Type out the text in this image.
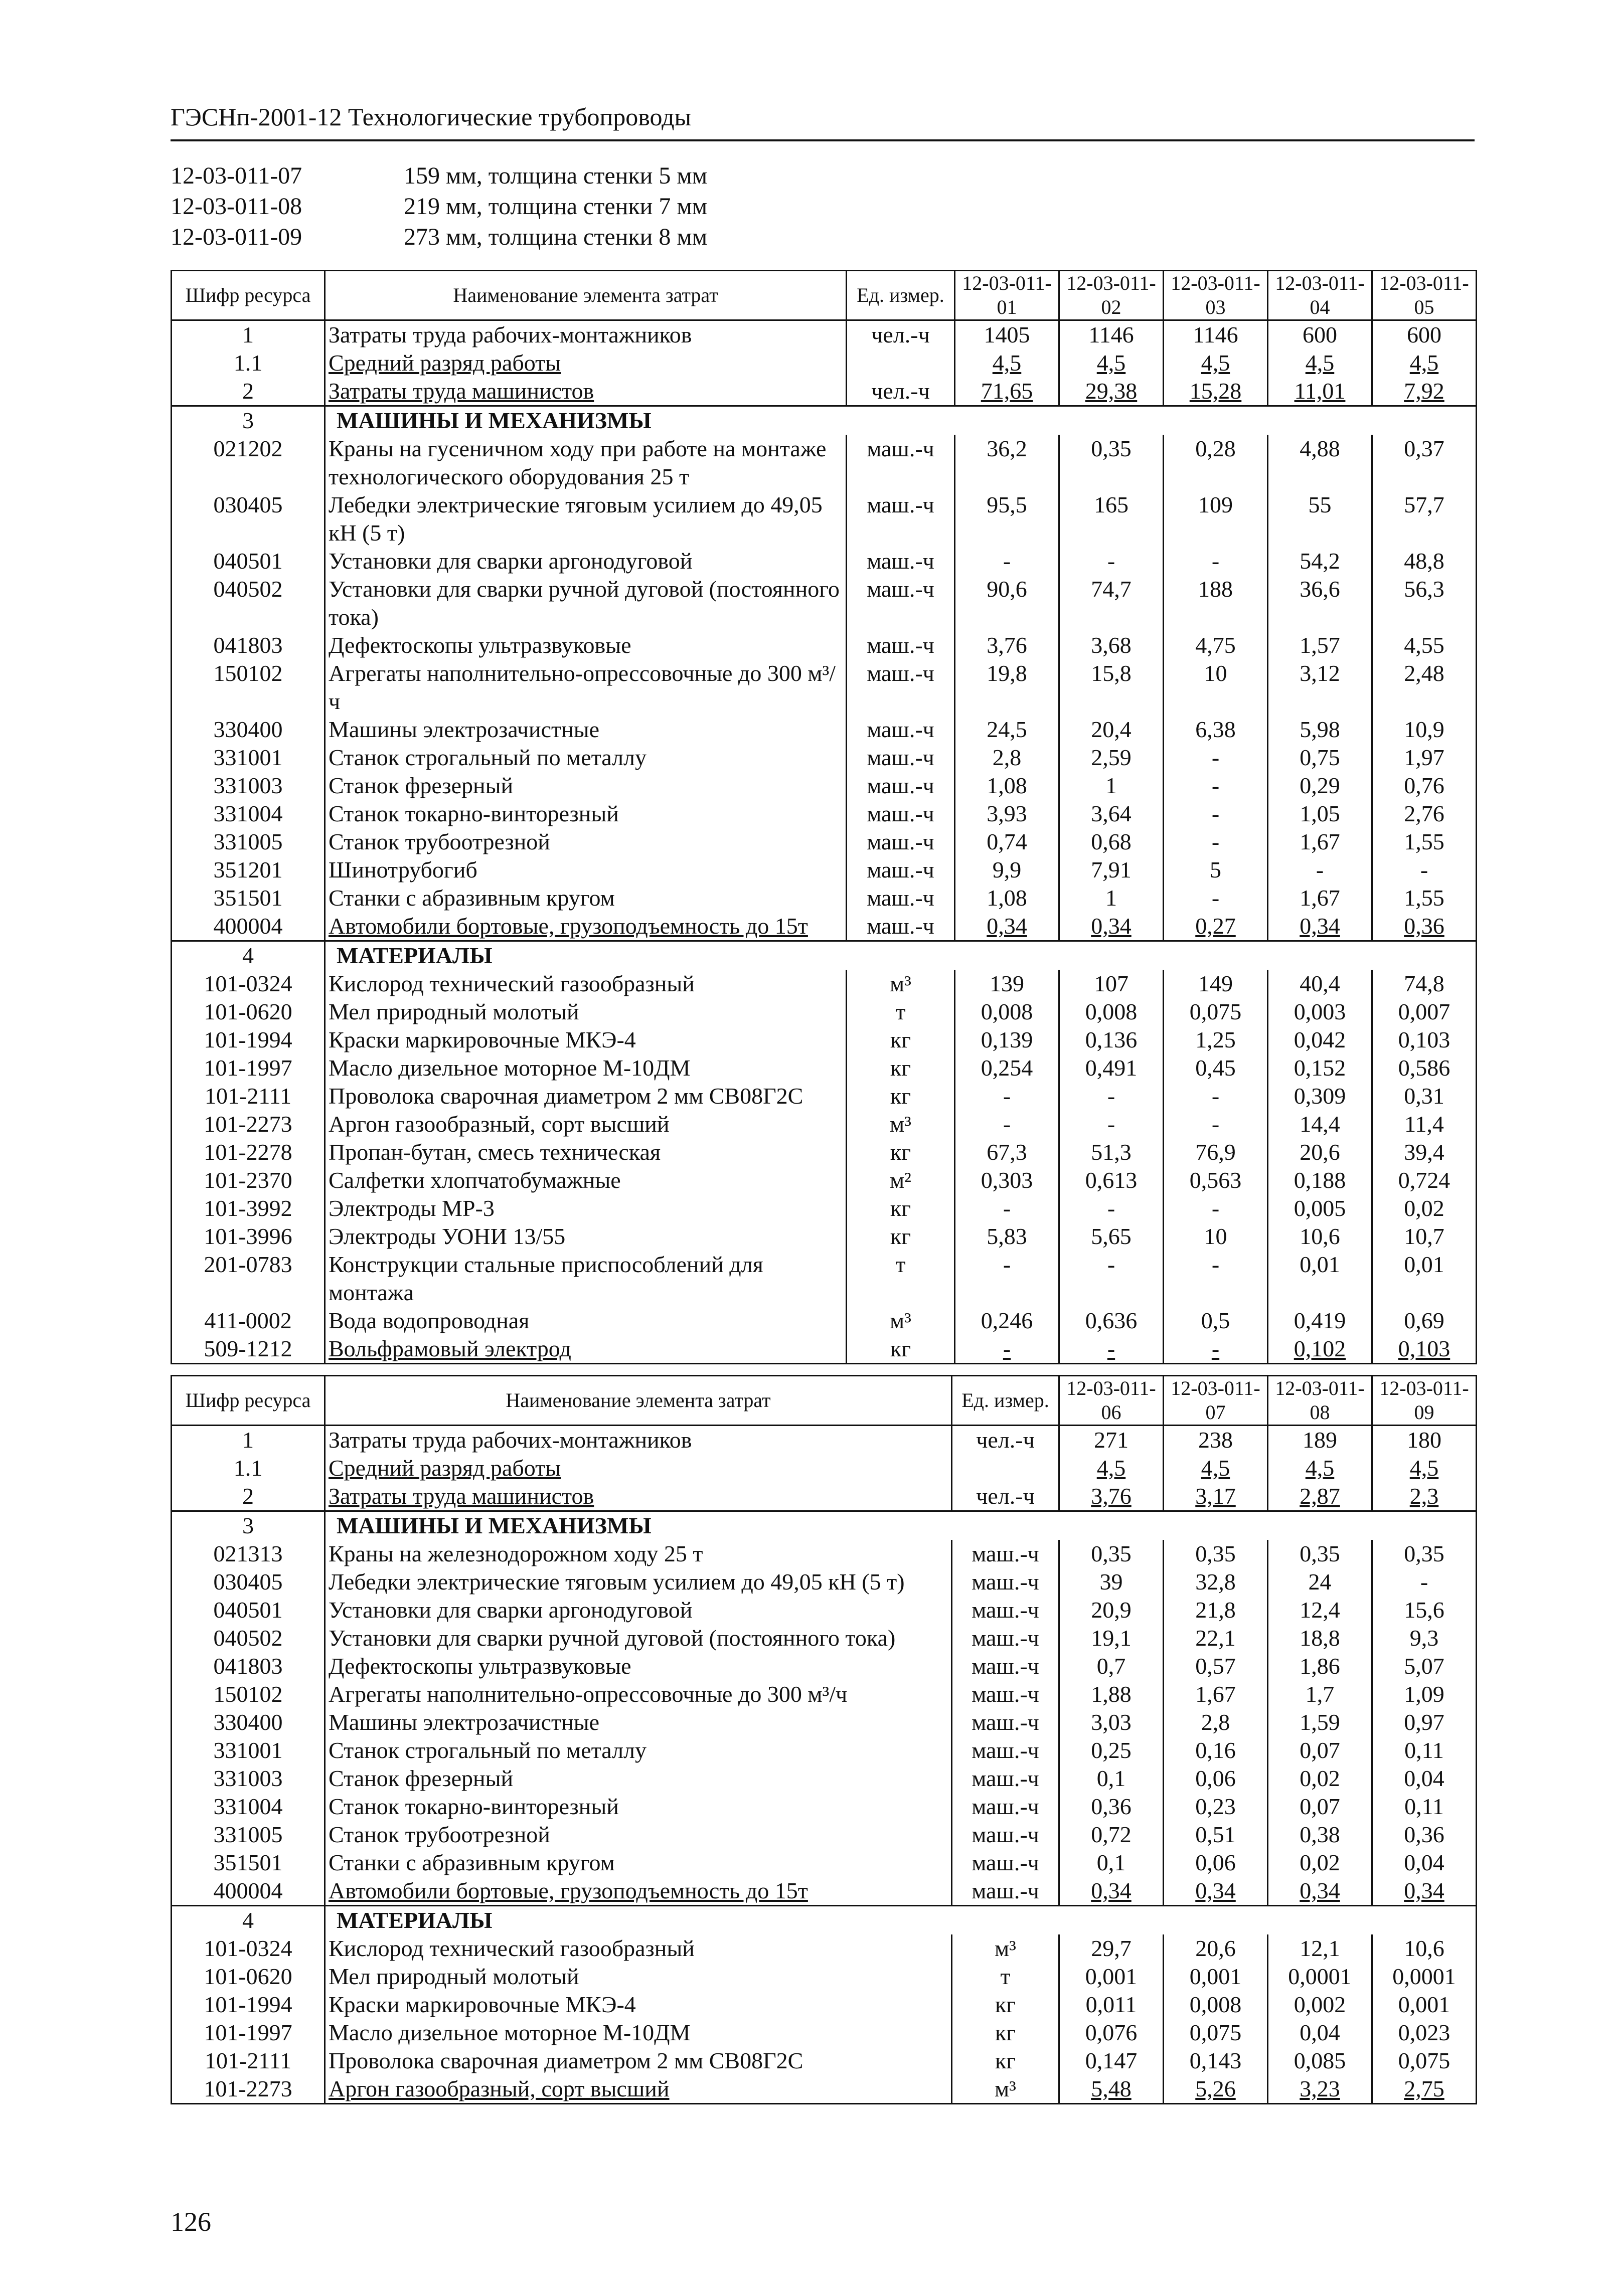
ГЭСНп-2001-12 Технологические трубопроводы
12-03-011-07	159 мм, толщина стенки 5 мм
12-03-011-08	219 мм, толщина стенки 7 мм
12-03-011-09	273 мм, толщина стенки 8 мм
Шифр ресурса	Наименование элемента затрат	Ед. измер.	12-03-011-01	12-03-011-02	12-03-011-03	12-03-011-04	12-03-011-05
1	Затраты труда рабочих-монтажников	чел.-ч	1405	1146	1146	600	600
1.1	Средний разряд работы		4,5	4,5	4,5	4,5	4,5
2	Затраты труда машинистов	чел.-ч	71,65	29,38	15,28	11,01	7,92
3	МАШИНЫ И МЕХАНИЗМЫ						
021202	Краны на гусеничном ходу при работе на монтаже технологического оборудования 25 т	маш.-ч	36,2	0,35	0,28	4,88	0,37
030405	Лебедки электрические тяговым усилием до 49,05 кН (5 т)	маш.-ч	95,5	165	109	55	57,7
040501	Установки для сварки аргонодуговой	маш.-ч	-	-	-	54,2	48,8
040502	Установки для сварки ручной дуговой (постоянного тока)	маш.-ч	90,6	74,7	188	36,6	56,3
041803	Дефектоскопы ультразвуковые	маш.-ч	3,76	3,68	4,75	1,57	4,55
150102	Агрегаты наполнительно-опрессовочные до 300 м³/ч	маш.-ч	19,8	15,8	10	3,12	2,48
330400	Машины электрозачистные	маш.-ч	24,5	20,4	6,38	5,98	10,9
331001	Станок строгальный по металлу	маш.-ч	2,8	2,59	-	0,75	1,97
331003	Станок фрезерный	маш.-ч	1,08	1	-	0,29	0,76
331004	Станок токарно-винторезный	маш.-ч	3,93	3,64	-	1,05	2,76
331005	Станок трубоотрезной	маш.-ч	0,74	0,68	-	1,67	1,55
351201	Шинотрубогиб	маш.-ч	9,9	7,91	5	-	-
351501	Станки с абразивным кругом	маш.-ч	1,08	1	-	1,67	1,55
400004	Автомобили бортовые, грузоподъемность до 15т	маш.-ч	0,34	0,34	0,27	0,34	0,36
4	МАТЕРИАЛЫ						
101-0324	Кислород технический газообразный	м³	139	107	149	40,4	74,8
101-0620	Мел природный молотый	т	0,008	0,008	0,075	0,003	0,007
101-1994	Краски маркировочные МКЭ-4	кг	0,139	0,136	1,25	0,042	0,103
101-1997	Масло дизельное моторное М-10ДМ	кг	0,254	0,491	0,45	0,152	0,586
101-2111	Проволока сварочная диаметром 2 мм СВ08Г2С	кг	-	-	-	0,309	0,31
101-2273	Аргон газообразный, сорт высший	м³	-	-	-	14,4	11,4
101-2278	Пропан-бутан, смесь техническая	кг	67,3	51,3	76,9	20,6	39,4
101-2370	Салфетки хлопчатобумажные	м²	0,303	0,613	0,563	0,188	0,724
101-3992	Электроды МР-3	кг	-	-	-	0,005	0,02
101-3996	Электроды УОНИ 13/55	кг	5,83	5,65	10	10,6	10,7
201-0783	Конструкции стальные приспособлений для монтажа	т	-	-	-	0,01	0,01
411-0002	Вода водопроводная	м³	0,246	0,636	0,5	0,419	0,69
509-1212	Вольфрамовый электрод	кг	-	-	-	0,102	0,103
Шифр ресурса	Наименование элемента затрат	Ед. измер.	12-03-011-06	12-03-011-07	12-03-011-08	12-03-011-09
1	Затраты труда рабочих-монтажников	чел.-ч	271	238	189	180
1.1	Средний разряд работы		4,5	4,5	4,5	4,5
2	Затраты труда машинистов	чел.-ч	3,76	3,17	2,87	2,3
3	МАШИНЫ И МЕХАНИЗМЫ					
021313	Краны на железнодорожном ходу 25 т	маш.-ч	0,35	0,35	0,35	0,35
030405	Лебедки электрические тяговым усилием до 49,05 кН (5 т)	маш.-ч	39	32,8	24	-
040501	Установки для сварки аргонодуговой	маш.-ч	20,9	21,8	12,4	15,6
040502	Установки для сварки ручной дуговой (постоянного тока)	маш.-ч	19,1	22,1	18,8	9,3
041803	Дефектоскопы ультразвуковые	маш.-ч	0,7	0,57	1,86	5,07
150102	Агрегаты наполнительно-опрессовочные до 300 м³/ч	маш.-ч	1,88	1,67	1,7	1,09
330400	Машины электрозачистные	маш.-ч	3,03	2,8	1,59	0,97
331001	Станок строгальный по металлу	маш.-ч	0,25	0,16	0,07	0,11
331003	Станок фрезерный	маш.-ч	0,1	0,06	0,02	0,04
331004	Станок токарно-винторезный	маш.-ч	0,36	0,23	0,07	0,11
331005	Станок трубоотрезной	маш.-ч	0,72	0,51	0,38	0,36
351501	Станки с абразивным кругом	маш.-ч	0,1	0,06	0,02	0,04
400004	Автомобили бортовые, грузоподъемность до 15т	маш.-ч	0,34	0,34	0,34	0,34
4	МАТЕРИАЛЫ					
101-0324	Кислород технический газообразный	м³	29,7	20,6	12,1	10,6
101-0620	Мел природный молотый	т	0,001	0,001	0,0001	0,0001
101-1994	Краски маркировочные МКЭ-4	кг	0,011	0,008	0,002	0,001
101-1997	Масло дизельное моторное М-10ДМ	кг	0,076	0,075	0,04	0,023
101-2111	Проволока сварочная диаметром 2 мм СВ08Г2С	кг	0,147	0,143	0,085	0,075
101-2273	Аргон газообразный, сорт высший	м³	5,48	5,26	3,23	2,75
126
